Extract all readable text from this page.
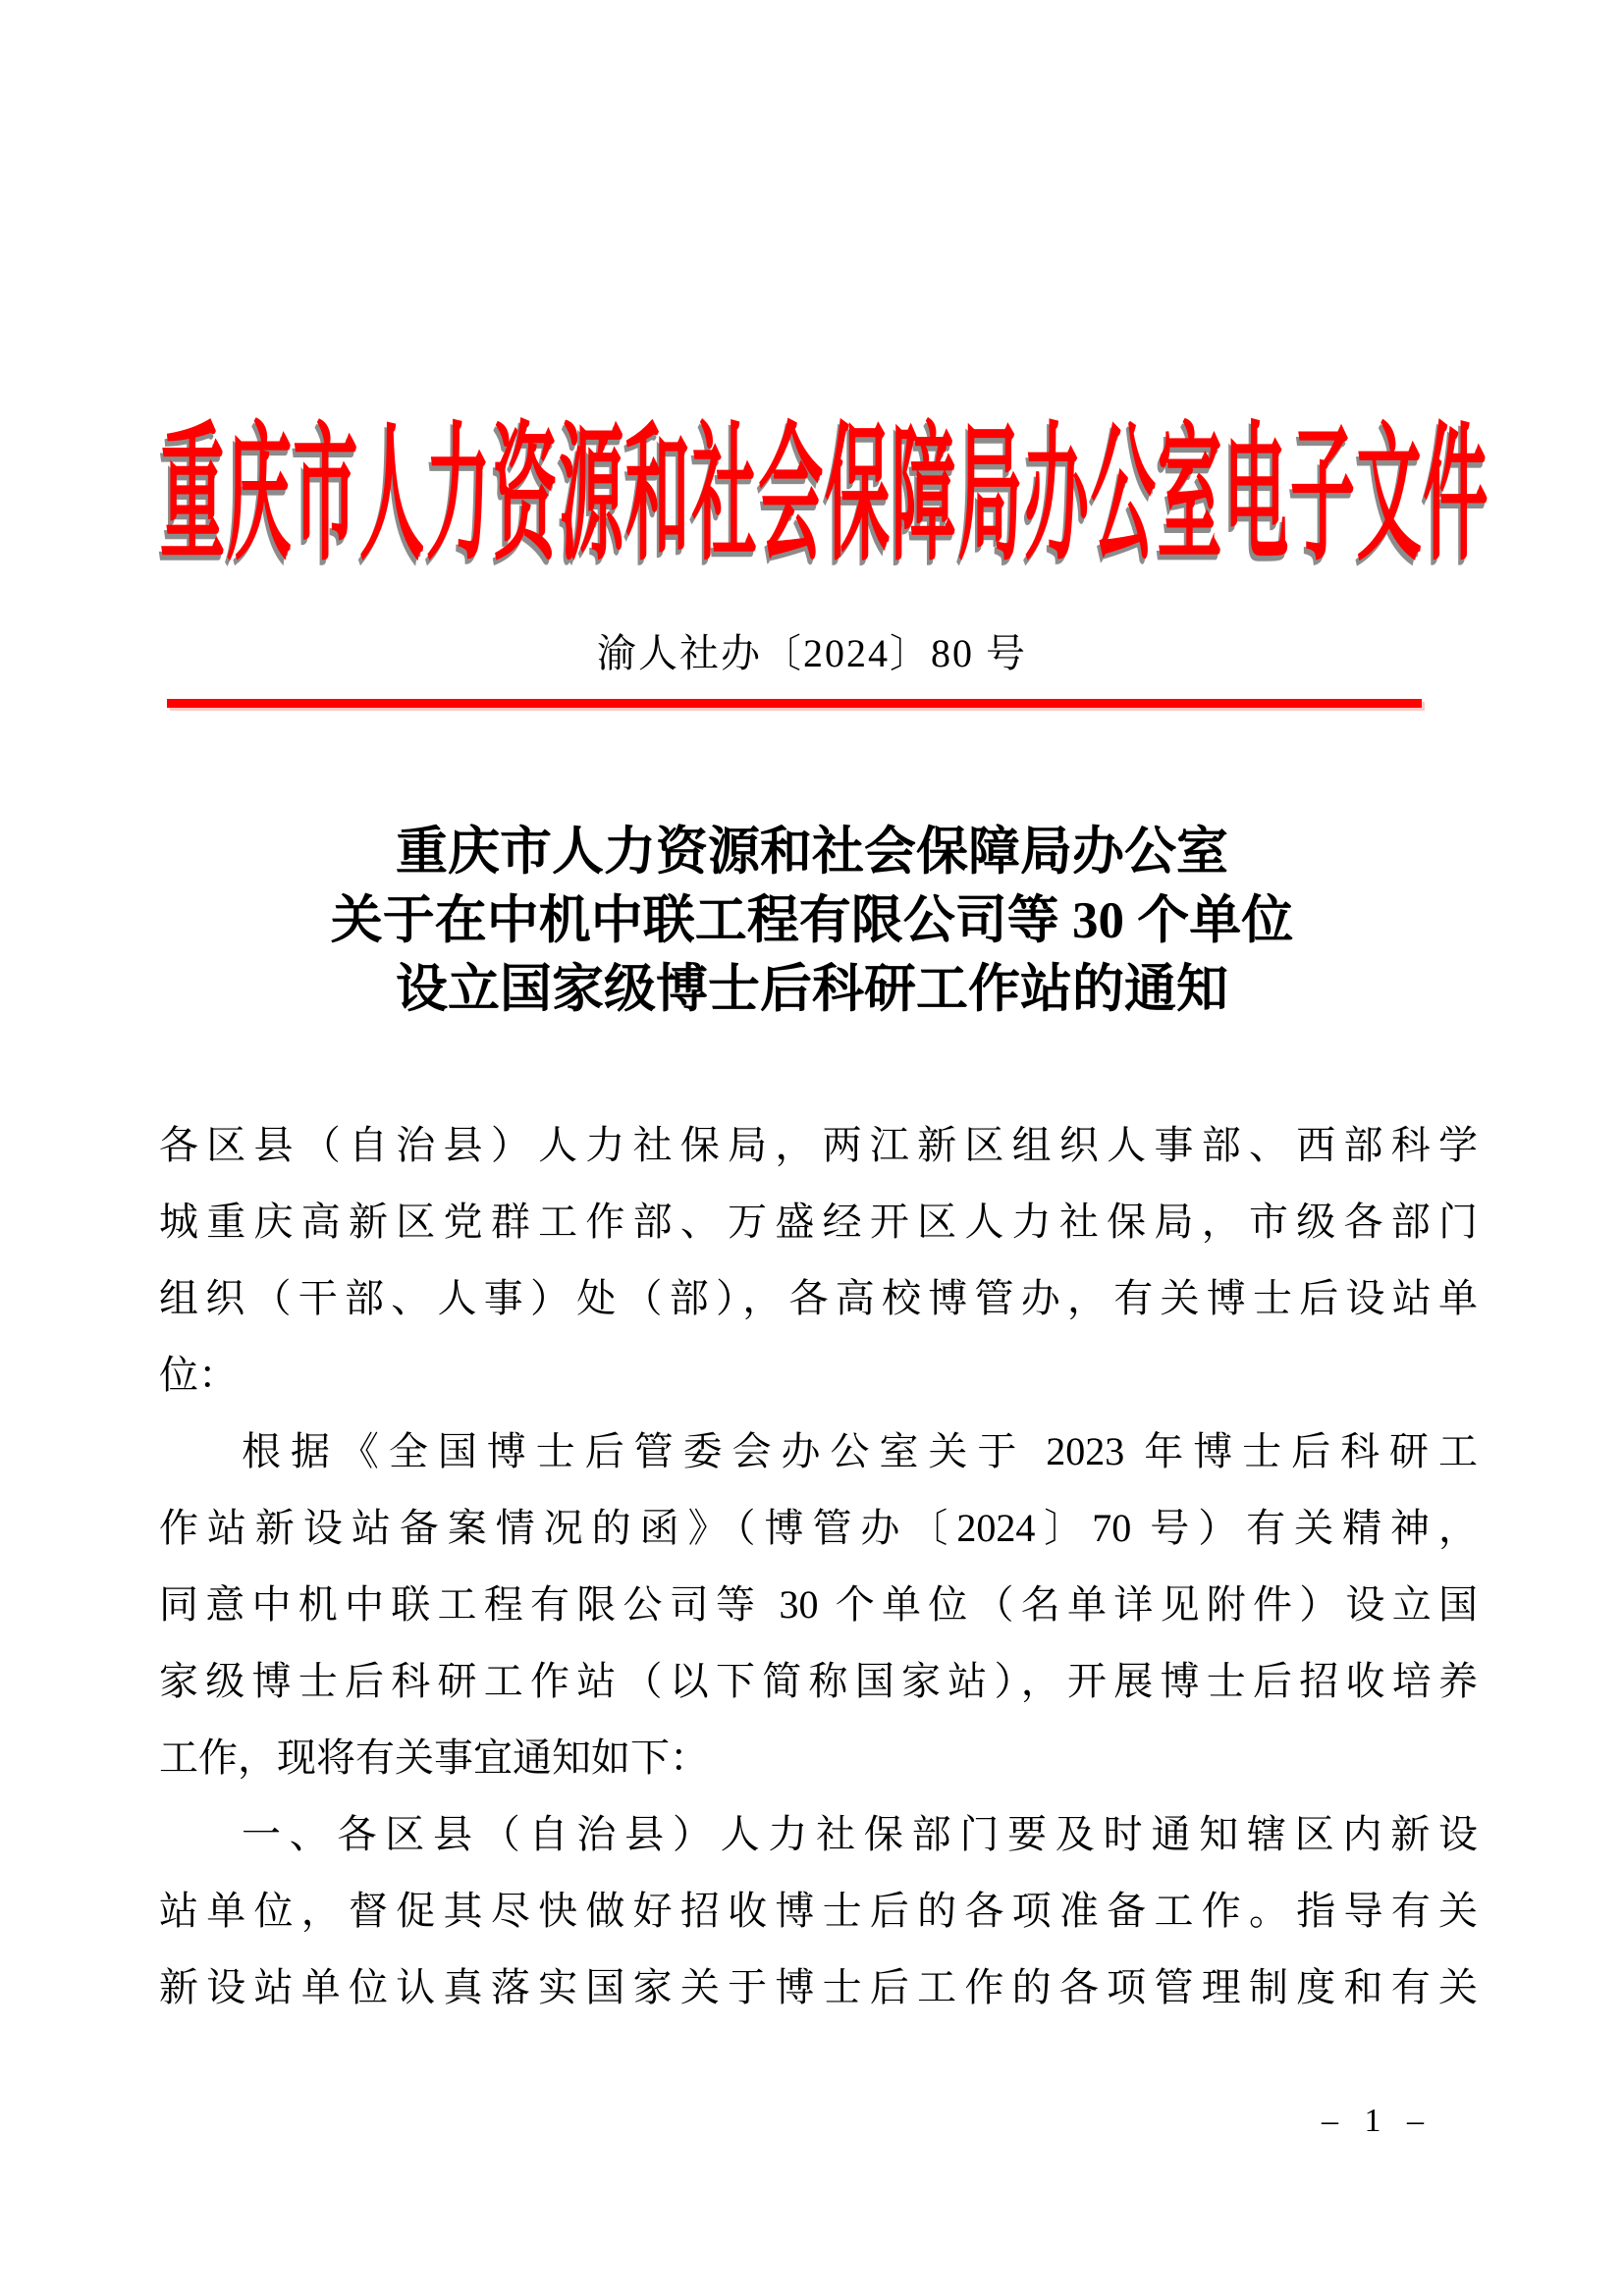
重庆市人力资源和社会保障局办公室电子文件
渝人社办〔2024〕80 号
重庆市人力资源和社会保障局办公室
关于在中机中联工程有限公司等 30 个单位
设立国家级博士后科研工作站的通知
各区县（自治县）人力社保局，两江新区组织人事部、西部科学
城重庆高新区党群工作部、万盛经开区人力社保局，市级各部门
组织（干部、人事）处（部），各高校博管办，有关博士后设站单
位：
根据《全国博士后管委会办公室关于 2023 年博士后科研工
作站新设站备案情况的函》（博管办〔2024〕70 号）有关精神，
同意中机中联工程有限公司等 30 个单位（名单详见附件）设立国
家级博士后科研工作站（以下简称国家站），开展博士后招收培养
工作，现将有关事宜通知如下：
一、各区县（自治县）人力社保部门要及时通知辖区内新设
站单位，督促其尽快做好招收博士后的各项准备工作。指导有关
新设站单位认真落实国家关于博士后工作的各项管理制度和有关
– 1 –
